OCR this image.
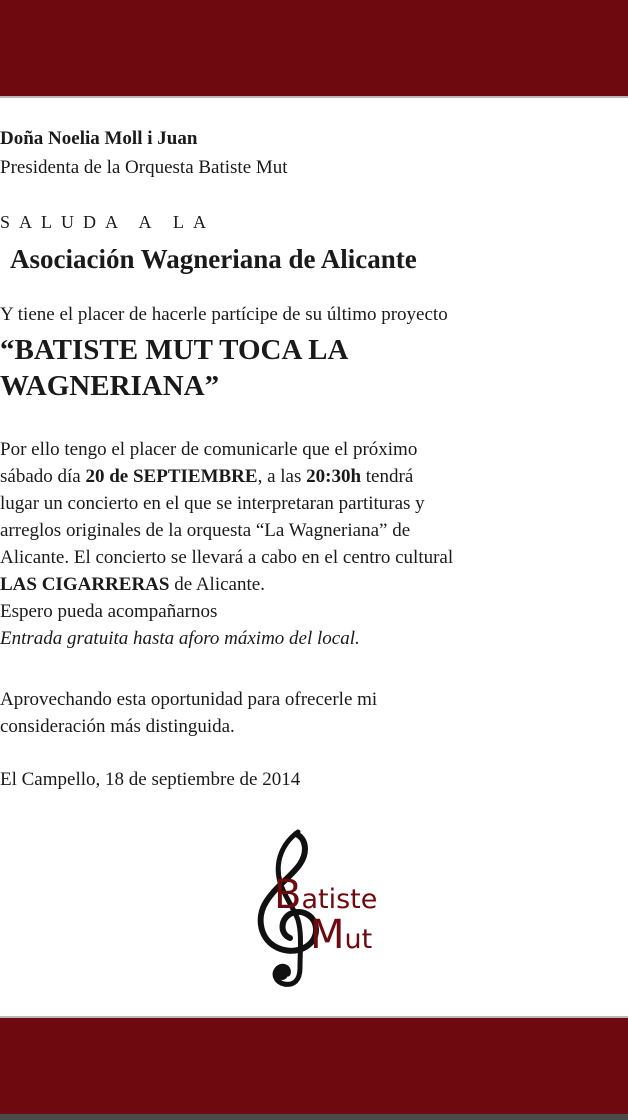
Doña Noelia Moll i Juan

Presidenta de la Orquesta Batiste Mut

SALUDA A LA

Asociación Wagneriana de Alicante

Y tiene el placer de hacerle partícipe de su último proyecto

“BATISTE MUT TOCA LA
WAGNERIANA”

Por ello tengo el placer de comunicarle que el próximo

sábado día 20 de SEPTIEMBRE, a las 20:30h tendrá

lugar un concierto en el que se interpretaran partituras y

arreglos originales de la orquesta “La Wagneriana” de

Alicante. El concierto se llevará a cabo en el centro cultural

LAS CIGARRERAS de Alicante.

Espero pueda acompañarnos

Entrada gratuita hasta aforo máximo del local.

Aprovechando esta oportunidad para ofrecerle mi

consideración más distinguida.

El Campello, 18 de septiembre de 2014

Batiste
Mut
